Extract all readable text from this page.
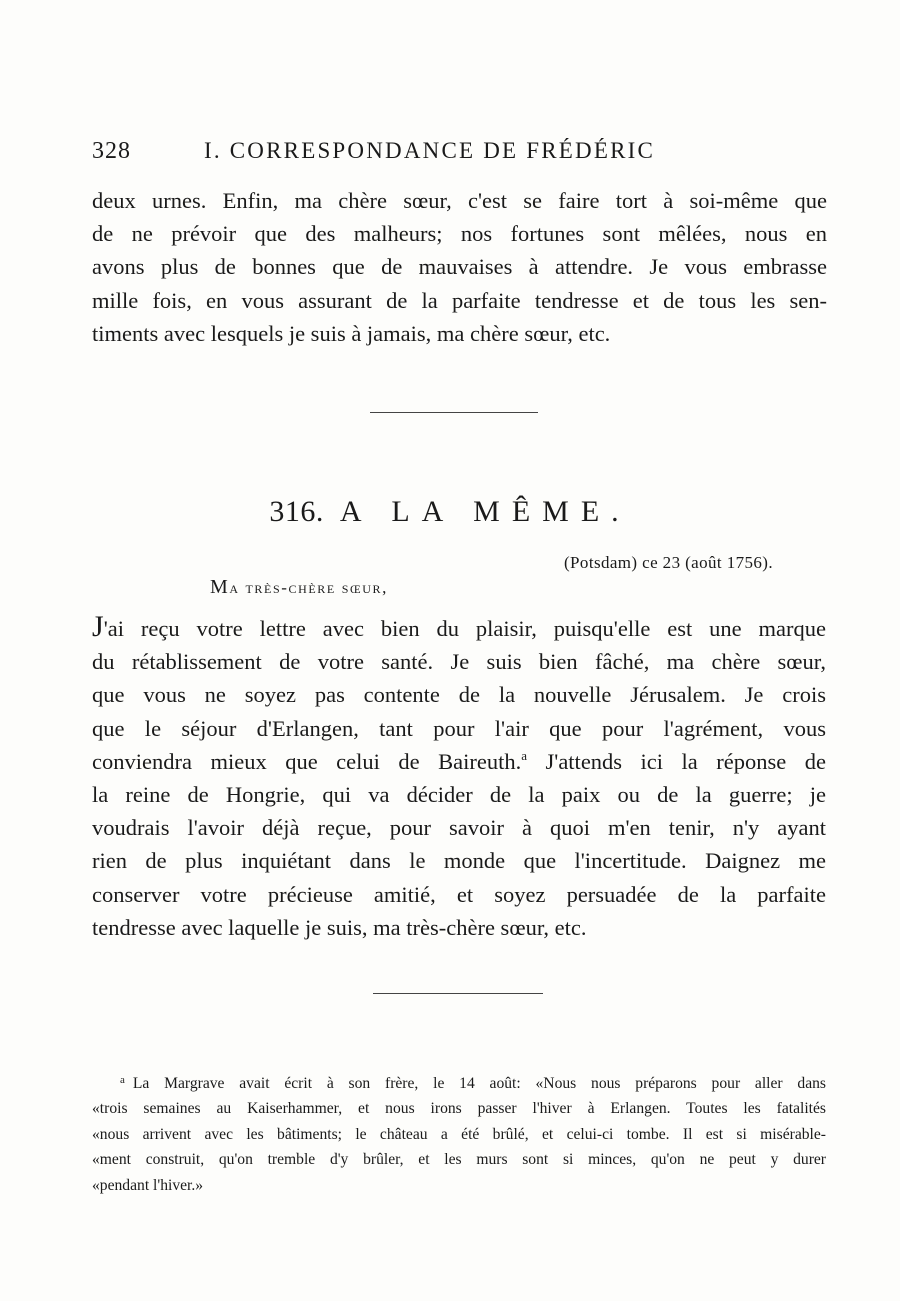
328	I. CORRESPONDANCE DE FRÉDÉRIC
deux urnes. Enfin, ma chère sœur, c'est se faire tort à soi-même que
de ne prévoir que des malheurs; nos fortunes sont mêlées, nous en
avons plus de bonnes que de mauvaises à attendre. Je vous embrasse
mille fois, en vous assurant de la parfaite tendresse et de tous les sen-
timents avec lesquels je suis à jamais, ma chère sœur, etc.
316. A LA MÊME.
(Potsdam) ce 23 (août 1756).
Ma très-chère sœur,
J'ai reçu votre lettre avec bien du plaisir, puisqu'elle est une marque
du rétablissement de votre santé. Je suis bien fâché, ma chère sœur,
que vous ne soyez pas contente de la nouvelle Jérusalem. Je crois
que le séjour d'Erlangen, tant pour l'air que pour l'agrément, vous
conviendra mieux que celui de Baireuth.$^a$ J'attends ici la réponse de
la reine de Hongrie, qui va décider de la paix ou de la guerre; je
voudrais l'avoir déjà reçue, pour savoir à quoi m'en tenir, n'y ayant
rien de plus inquiétant dans le monde que l'incertitude. Daignez me
conserver votre précieuse amitié, et soyez persuadée de la parfaite
tendresse avec laquelle je suis, ma très-chère sœur, etc.
$^a$ La Margrave avait écrit à son frère, le 14 août: «Nous nous préparons pour aller dans
«trois semaines au Kaiserhammer, et nous irons passer l'hiver à Erlangen. Toutes les fatalités
«nous arrivent avec les bâtiments; le château a été brûlé, et celui-ci tombe. Il est si misérable-
«ment construit, qu'on tremble d'y brûler, et les murs sont si minces, qu'on ne peut y durer
«pendant l'hiver.»
